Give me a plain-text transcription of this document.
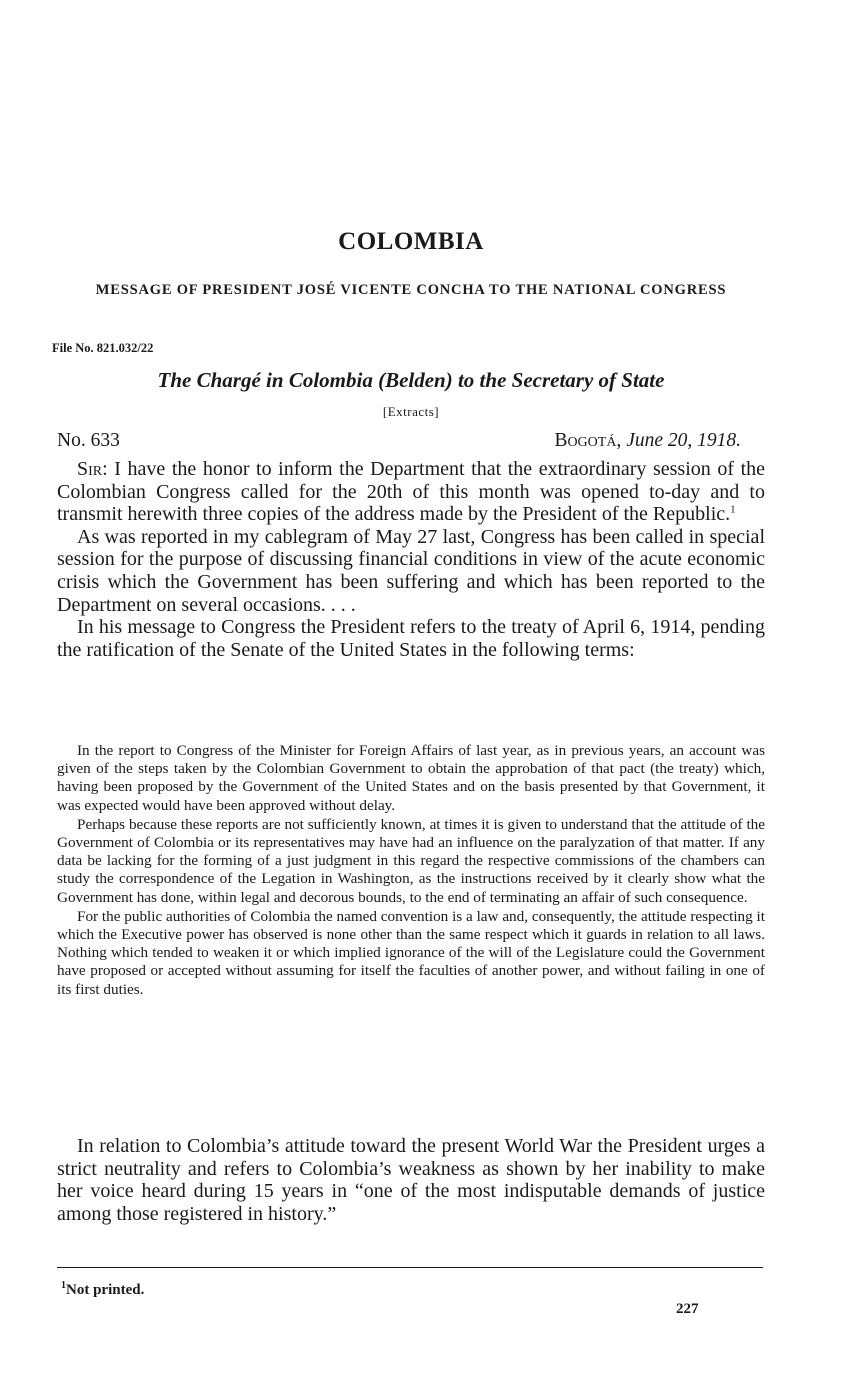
COLOMBIA
MESSAGE OF PRESIDENT JOSÉ VICENTE CONCHA TO THE NATIONAL CONGRESS
File No. 821.032/22
The Chargé in Colombia (Belden) to the Secretary of State
[Extracts]
No. 633	Bogotá, June 20, 1918.

Sir: I have the honor to inform the Department that the extraordinary session of the Colombian Congress called for the 20th of this month was opened to-day and to transmit herewith three copies of the address made by the President of the Republic.$^1$

As was reported in my cablegram of May 27 last, Congress has been called in special session for the purpose of discussing financial conditions in view of the acute economic crisis which the Government has been suffering and which has been reported to the Department on several occasions. . . .

In his message to Congress the President refers to the treaty of April 6, 1914, pending the ratification of the Senate of the United States in the following terms:

In the report to Congress of the Minister for Foreign Affairs of last year, as in previous years, an account was given of the steps taken by the Colombian Government to obtain the approbation of that pact (the treaty) which, having been proposed by the Government of the United States and on the basis presented by that Government, it was expected would have been approved without delay.

Perhaps because these reports are not sufficiently known, at times it is given to understand that the attitude of the Government of Colombia or its representatives may have had an influence on the paralyzation of that matter. If any data be lacking for the forming of a just judgment in this regard the respective commissions of the chambers can study the correspondence of the Legation in Washington, as the instructions received by it clearly show what the Government has done, within legal and decorous bounds, to the end of terminating an affair of such consequence.

For the public authorities of Colombia the named convention is a law and, consequently, the attitude respecting it which the Executive power has observed is none other than the same respect which it guards in relation to all laws. Nothing which tended to weaken it or which implied ignorance of the will of the Legislature could the Government have proposed or accepted without assuming for itself the faculties of another power, and without failing in one of its first duties.

In relation to Colombia’s attitude toward the present World War the President urges a strict neutrality and refers to Colombia’s weakness as shown by her inability to make her voice heard during 15 years in “one of the most indisputable demands of justice among those registered in history.”

$^1$Not printed.
227
